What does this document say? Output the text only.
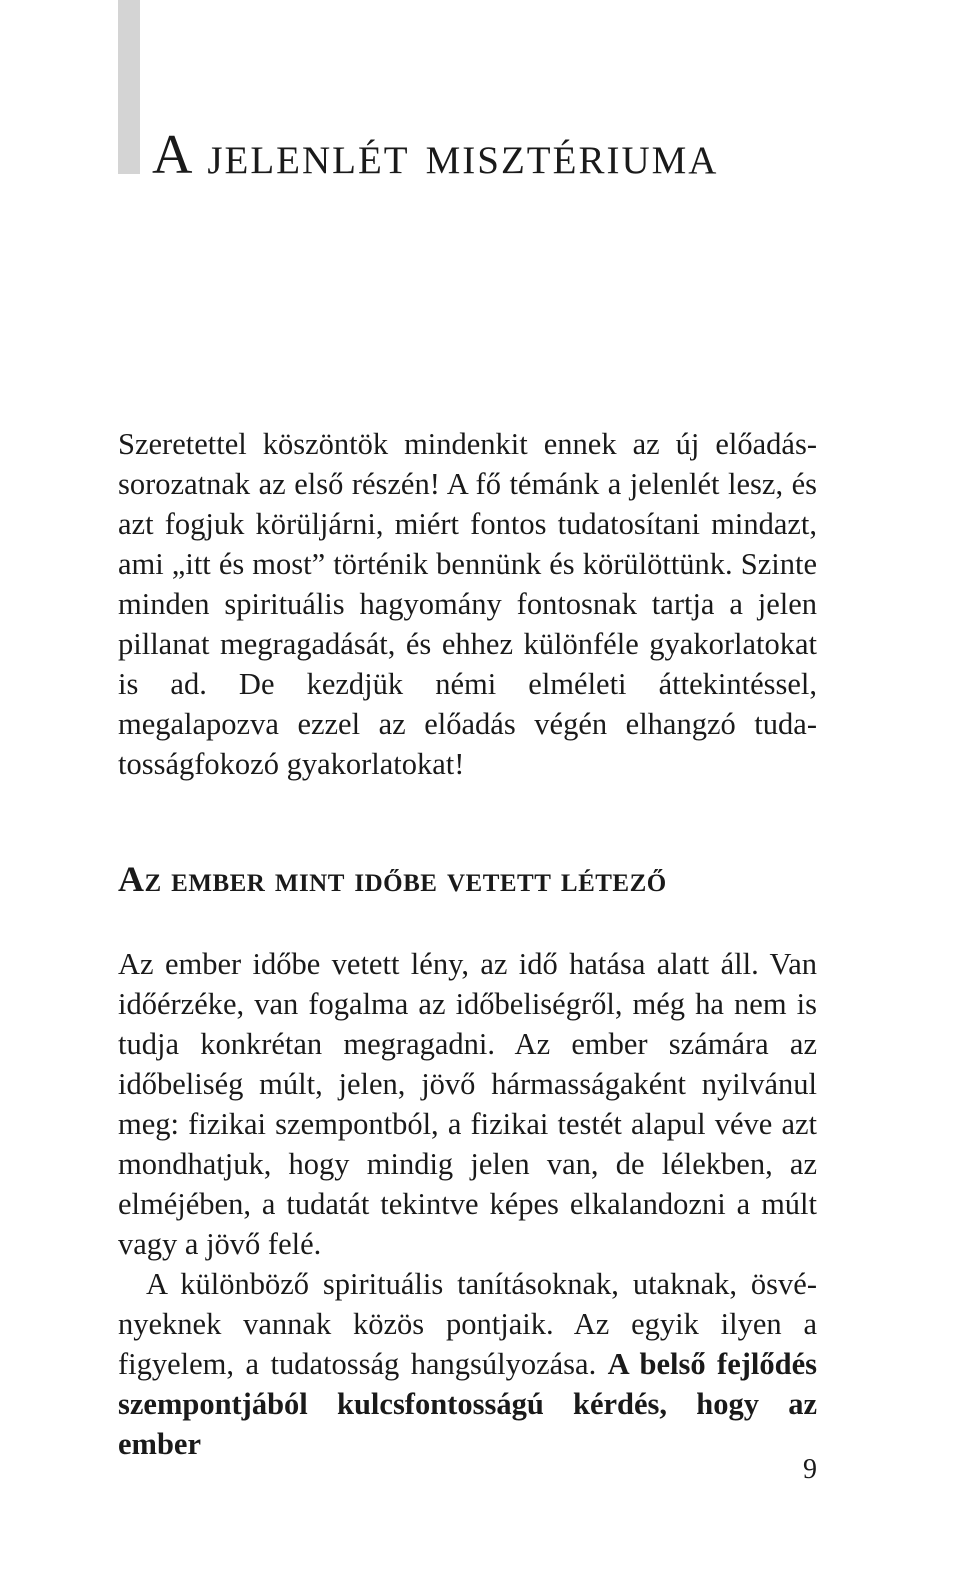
A jelenlét misztériuma

Szeretettel köszöntök mindenkit ennek az új előadássorozatnak az első részén! A fő témánk a jelenlét lesz, és azt fogjuk körüljárni, miért fontos tudatosítani mindazt, ami „itt és most” történik bennünk és körülöttünk. Szinte minden spirituális hagyomány fontosnak tartja a jelen pillanat megragadását, és ehhez különféle gyakorlatokat is ad. De kezdjük némi elméleti áttekintéssel, megalapozva ezzel az előadás végén elhangzó tudatosságfokozó gyakorlatokat!

Az ember mint időbe vetett létező

Az ember időbe vetett lény, az idő hatása alatt áll. Van időérzéke, van fogalma az időbeliségről, még ha nem is tudja konkrétan megragadni. Az ember számára az időbeliség múlt, jelen, jövő hármasságaként nyilvánul meg: fizikai szempontból, a fizikai testét alapul véve azt mondhatjuk, hogy mindig jelen van, de lélekben, az elméjében, a tudatát tekintve képes elkalandozni a múlt vagy a jövő felé.

A különböző spirituális tanításoknak, utaknak, ösvényeknek vannak közös pontjaik. Az egyik ilyen a figyelem, a tudatosság hangsúlyozása. A belső fejlődés szempontjából kulcsfontosságú kérdés, hogy az ember

9
